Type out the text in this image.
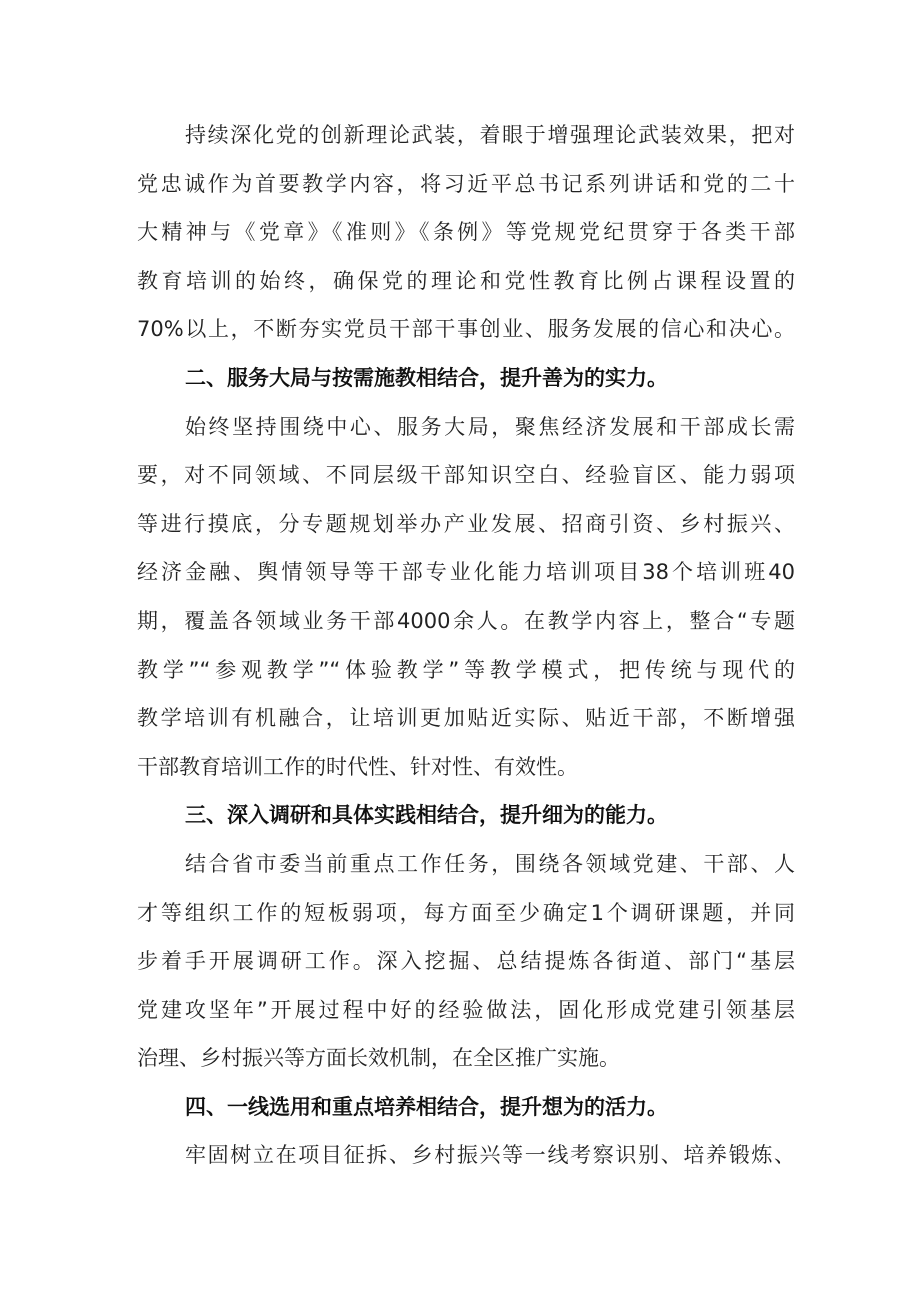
持续深化党的创新理论武装，着眼于增强理论武装效果，把对
党忠诚作为首要教学内容，将习近平总书记系列讲话和党的二十
大精神与《党章》《准则》《条例》等党规党纪贯穿于各类干部
教育培训的始终，确保党的理论和党性教育比例占课程设置的
70%以上，不断夯实党员干部干事创业、服务发展的信心和决心。
二、服务大局与按需施教相结合，提升善为的实力。
始终坚持围绕中心、服务大局，聚焦经济发展和干部成长需
要，对不同领域、不同层级干部知识空白、经验盲区、能力弱项
等进行摸底，分专题规划举办产业发展、招商引资、乡村振兴、
经济金融、舆情领导等干部专业化能力培训项目38个培训班40
期，覆盖各领域业务干部4000余人。在教学内容上，整合“专题
教学”“参观教学”“体验教学”等教学模式，把传统与现代的
教学培训有机融合，让培训更加贴近实际、贴近干部，不断增强
干部教育培训工作的时代性、针对性、有效性。
三、深入调研和具体实践相结合，提升细为的能力。
结合省市委当前重点工作任务，围绕各领域党建、干部、人
才等组织工作的短板弱项，每方面至少确定1个调研课题，并同
步着手开展调研工作。深入挖掘、总结提炼各街道、部门“基层
党建攻坚年”开展过程中好的经验做法，固化形成党建引领基层
治理、乡村振兴等方面长效机制，在全区推广实施。
四、一线选用和重点培养相结合，提升想为的活力。
牢固树立在项目征拆、乡村振兴等一线考察识别、培养锻炼、
